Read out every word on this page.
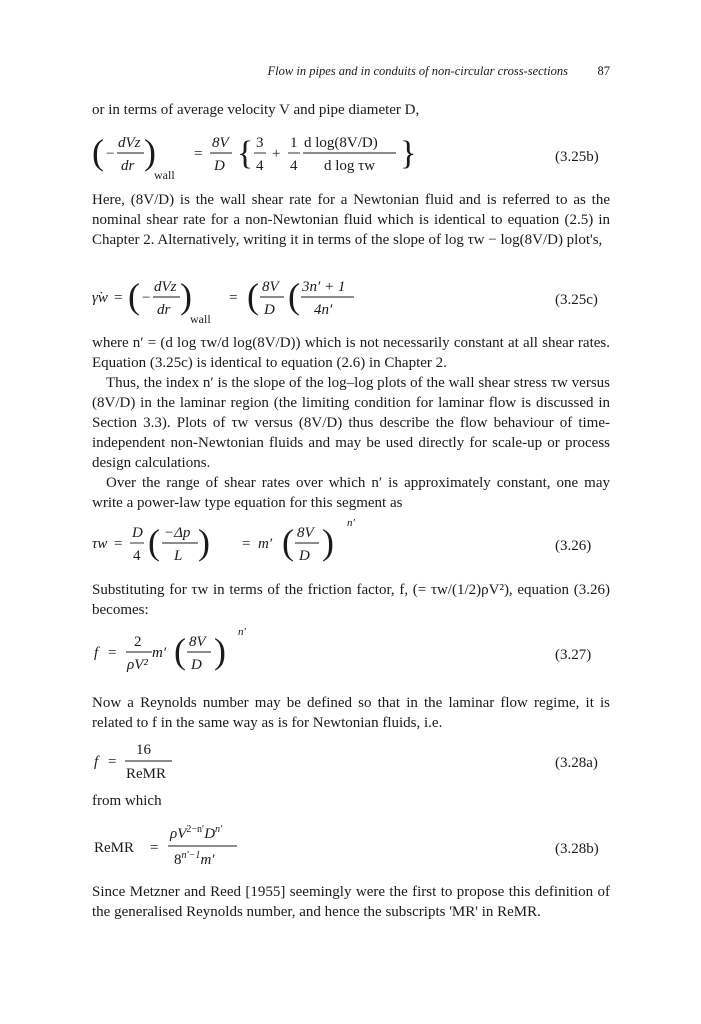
Flow in pipes and in conduits of non-circular cross-sections 87
or in terms of average velocity V and pipe diameter D,
( −
dVz
dr )
wall
=
8V
D { 3
4
+
1
4
d log(8V/D)
d log τw }	(3.25b)
Here, (8V/D) is the wall shear rate for a Newtonian fluid and is referred to as the nominal shear rate for a non-Newtonian fluid which is identical to equation (2.5) in Chapter 2. Alternatively, writing it in terms of the slope of log τw − log(8V/D) plot's,
γ̇w = ( −
dVz
dr )
wall
= ( 8V
D ( 3n′ + 1
4n′
(3.25c)
where n′ = (d log τw/d log(8V/D)) which is not necessarily constant at all shear rates. Equation (3.25c) is identical to equation (2.6) in Chapter 2.
Thus, the index n′ is the slope of the log–log plots of the wall shear stress τw versus (8V/D) in the laminar region (the limiting condition for laminar flow is discussed in Section 3.3). Plots of τw versus (8V/D) thus describe the flow behaviour of time-independent non-Newtonian fluids and may be used directly for scale-up or process design calculations.
Over the range of shear rates over which n′ is approximately constant, one may write a power-law type equation for this segment as
τw =
D
4 ( −Δp
L ) = m′ ( 8V
D ) n′
(3.26)
Substituting for τw in terms of the friction factor, f, (= τw/(1/2)ρV²), equation (3.26) becomes:
f =
2
ρV²
m′ ( 8V
D ) n′
(3.27)
Now a Reynolds number may be defined so that in the laminar flow regime, it is related to f in the same way as is for Newtonian fluids, i.e.
f =
16
ReMR
(3.28a)
from which
ReMR =
$\rho V^{2-n'}D^{n'}$
$8^{n'-1}m'$
(3.28b)
Since Metzner and Reed [1955] seemingly were the first to propose this definition of the generalised Reynolds number, and hence the subscripts 'MR' in ReMR.
